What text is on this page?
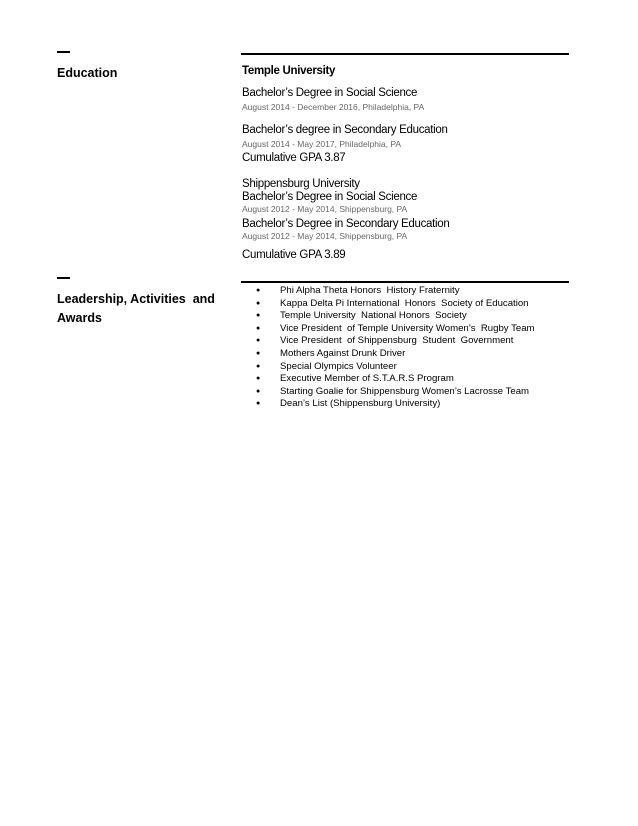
Education	Temple University
Bachelor’s Degree in Social Science
August 2014 - December 2016, Philadelphia, PA
Bachelor’s degree in Secondary Education
August 2014 - May 2017, Philadelphia, PA
Cumulative GPA 3.87
Shippensburg University
Bachelor’s Degree in Social Science
August 2012 - May 2014, Shippensburg, PA
Bachelor’s Degree in Secondary Education
August 2012 - May 2014, Shippensburg, PA
Cumulative GPA 3.89
Leadership, Activities  and
Awards
●	Phi Alpha Theta Honors  History Fraternity
●	Kappa Delta Pi International  Honors  Society of Education
●	Temple University  National Honors  Society
●	Vice President  of Temple University Women’s  Rugby Team
●	Vice President  of Shippensburg  Student  Government
●	Mothers Against Drunk Driver
●	Special Olympics Volunteer
●	Executive Member of S.T.A.R.S Program
●	Starting Goalie for Shippensburg Women’s Lacrosse Team
●	Dean’s List (Shippensburg University)
